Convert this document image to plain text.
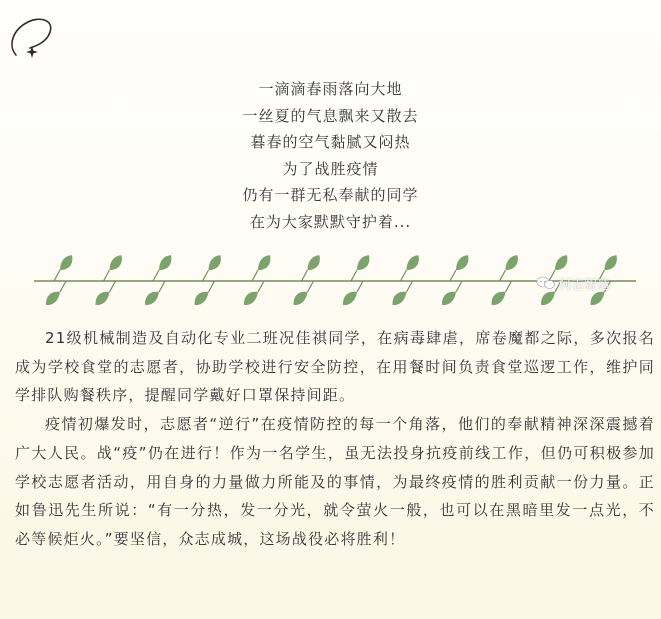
一滴滴春雨落向大地
一丝夏的气息飘来又散去
暮春的空气黏腻又闷热
为了战胜疫情
仍有一群无私奉献的同学
在为大家默默守护着...
柯志智造

21级机械制造及自动化专业二班况佳祺同学，在病毒肆虐，席卷魔都之际，多次报名成为学校食堂的志愿者，协助学校进行安全防控，在用餐时间负责食堂巡逻工作，维护同学排队购餐秩序，提醒同学戴好口罩保持间距。

疫情初爆发时，志愿者“逆行”在疫情防控的每一个角落，他们的奉献精神深深震撼着广大人民。战“疫”仍在进行！作为一名学生，虽无法投身抗疫前线工作，但仍可积极参加学校志愿者活动，用自身的力量做力所能及的事情，为最终疫情的胜利贡献一份力量。正如鲁迅先生所说：“有一分热，发一分光，就令萤火一般，也可以在黑暗里发一点光，不必等候炬火。”要坚信，众志成城，这场战役必将胜利！
